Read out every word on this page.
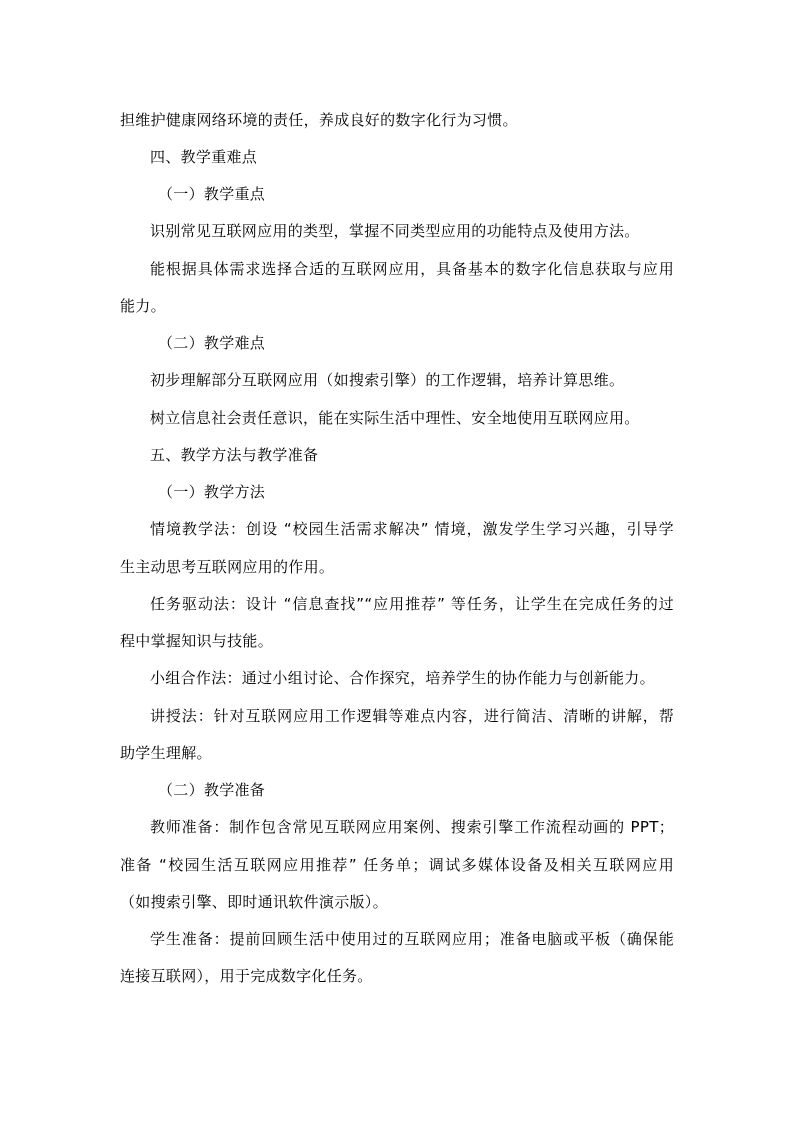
担维护健康网络环境的责任，养成良好的数字化行为习惯。
四、教学重难点
（一）教学重点
识别常见互联网应用的类型，掌握不同类型应用的功能特点及使用方法。
能根据具体需求选择合适的互联网应用，具备基本的数字化信息获取与应用
能力。
（二）教学难点
初步理解部分互联网应用（如搜索引擎）的工作逻辑，培养计算思维。
树立信息社会责任意识，能在实际生活中理性、安全地使用互联网应用。
五、教学方法与教学准备
（一）教学方法
情境教学法：创设 “校园生活需求解决” 情境，激发学生学习兴趣，引导学
生主动思考互联网应用的作用。
任务驱动法：设计 “信息查找”“应用推荐” 等任务，让学生在完成任务的过
程中掌握知识与技能。
小组合作法：通过小组讨论、合作探究，培养学生的协作能力与创新能力。
讲授法：针对互联网应用工作逻辑等难点内容，进行简洁、清晰的讲解，帮
助学生理解。
（二）教学准备
教师准备：制作包含常见互联网应用案例、搜索引擎工作流程动画的 PPT；
准备 “校园生活互联网应用推荐” 任务单；调试多媒体设备及相关互联网应用
（如搜索引擎、即时通讯软件演示版）。
学生准备：提前回顾生活中使用过的互联网应用；准备电脑或平板（确保能
连接互联网），用于完成数字化任务。
